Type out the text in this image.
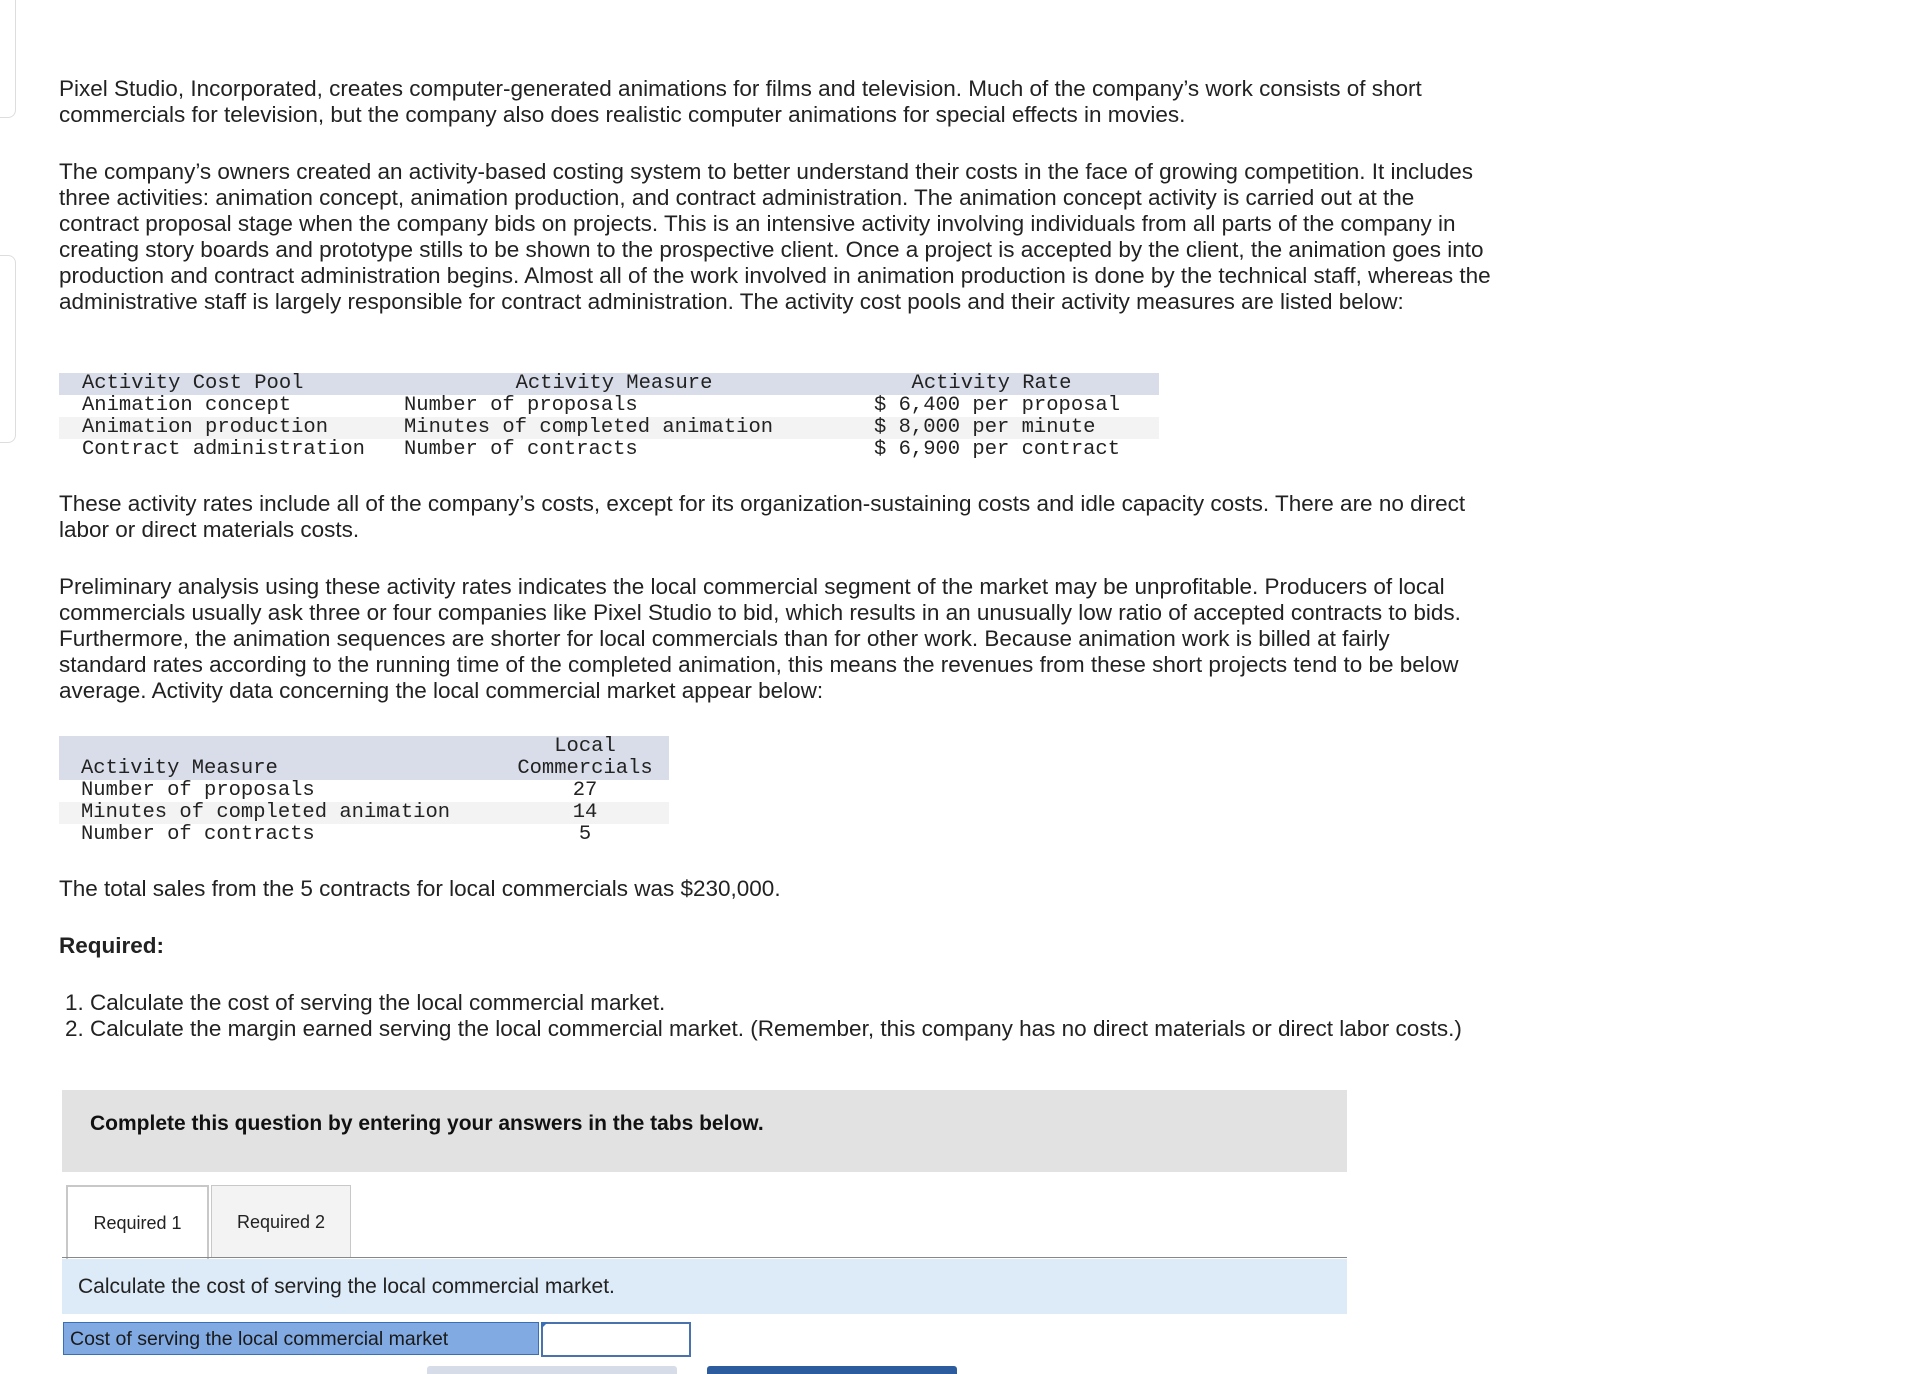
Pixel Studio, Incorporated, creates computer-generated animations for films and television. Much of the company’s work consists of short commercials for television, but the company also does realistic computer animations for special effects in movies.

The company’s owners created an activity-based costing system to better understand their costs in the face of growing competition. It includes three activities: animation concept, animation production, and contract administration. The animation concept activity is carried out at the contract proposal stage when the company bids on projects. This is an intensive activity involving individuals from all parts of the company in creating story boards and prototype stills to be shown to the prospective client. Once a project is accepted by the client, the animation goes into production and contract administration begins. Almost all of the work involved in animation production is done by the technical staff, whereas the administrative staff is largely responsible for contract administration. The activity cost pools and their activity measures are listed below:

Activity Cost Pool	Activity Measure	Activity Rate
Animation concept	Number of proposals	$ 6,400 per proposal
Animation production	Minutes of completed animation	$ 8,000 per minute
Contract administration	Number of contracts	$ 6,900 per contract

These activity rates include all of the company’s costs, except for its organization-sustaining costs and idle capacity costs. There are no direct labor or direct materials costs.

Preliminary analysis using these activity rates indicates the local commercial segment of the market may be unprofitable. Producers of local commercials usually ask three or four companies like Pixel Studio to bid, which results in an unusually low ratio of accepted contracts to bids. Furthermore, the animation sequences are shorter for local commercials than for other work. Because animation work is billed at fairly standard rates according to the running time of the completed animation, this means the revenues from these short projects tend to be below average. Activity data concerning the local commercial market appear below:

	Local
Activity Measure	Commercials
Number of proposals	27
Minutes of completed animation	14
Number of contracts	5

The total sales from the 5 contracts for local commercials was $230,000.

Required:

1. Calculate the cost of serving the local commercial market.
2. Calculate the margin earned serving the local commercial market. (Remember, this company has no direct materials or direct labor costs.)
Complete this question by entering your answers in the tabs below.
Required 1	Required 2
Calculate the cost of serving the local commercial market.
Cost of serving the local commercial market
